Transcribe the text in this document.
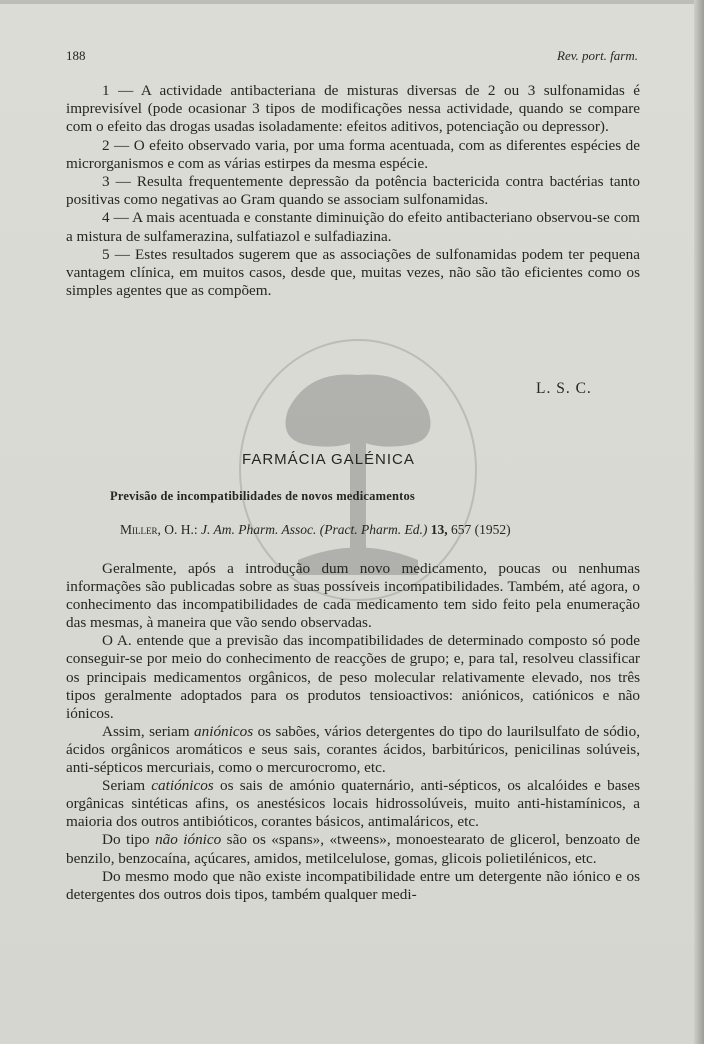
188	Rev. port. farm.

1 — A actividade antibacteriana de misturas diversas de 2 ou 3 sulfonamidas é imprevisível (pode ocasionar 3 tipos de modificações nessa actividade, quando se compare com o efeito das drogas usadas isoladamente: efeitos aditivos, potenciação ou depressor).

2 — O efeito observado varia, por uma forma acentuada, com as diferentes espécies de microrganismos e com as várias estirpes da mesma espécie.

3 — Resulta frequentemente depressão da potência bactericida contra bactérias tanto positivas como negativas ao Gram quando se associam sulfonamidas.

4 — A mais acentuada e constante diminuição do efeito antibacteriano observou-se com a mistura de sulfamerazina, sulfatiazol e sulfadiazina.

5 — Estes resultados sugerem que as associações de sulfonamidas podem ter pequena vantagem clínica, em muitos casos, desde que, muitas vezes, não são tão eficientes como os simples agentes que as compõem.

L. S. C.
FARMÁCIA GALÉNICA
Previsão de incompatibilidades de novos medicamentos
Miller, O. H.: J. Am. Pharm. Assoc. (Pract. Pharm. Ed.) 13, 657 (1952)

Geralmente, após a introdução dum novo medicamento, poucas ou nenhumas informações são publicadas sobre as suas possíveis incompatibilidades. Também, até agora, o conhecimento das incompatibilidades de cada medicamento tem sido feito pela enumeração das mesmas, à maneira que vão sendo observadas.

O A. entende que a previsão das incompatibilidades de determinado composto só pode conseguir-se por meio do conhecimento de reacções de grupo; e, para tal, resolveu classificar os principais medicamentos orgânicos, de peso molecular relativamente elevado, nos três tipos geralmente adoptados para os produtos tensioactivos: aniónicos, catiónicos e não iónicos.

Assim, seriam aniónicos os sabões, vários detergentes do tipo do laurilsulfato de sódio, ácidos orgânicos aromáticos e seus sais, corantes ácidos, barbitúricos, penicilinas solúveis, anti-sépticos mercuriais, como o mercurocromo, etc.

Seriam catiónicos os sais de amónio quaternário, anti-sépticos, os alcalóides e bases orgânicas sintéticas afins, os anestésicos locais hidrossolúveis, muito anti-histamínicos, a maioria dos outros antibióticos, corantes básicos, antimaláricos, etc.

Do tipo não iónico são os «spans», «tweens», monoestearato de glicerol, benzoato de benzilo, benzocaína, açúcares, amidos, metilcelulose, gomas, glicois polietilénicos, etc.

Do mesmo modo que não existe incompatibilidade entre um detergente não iónico e os detergentes dos outros dois tipos, também qualquer medi-
